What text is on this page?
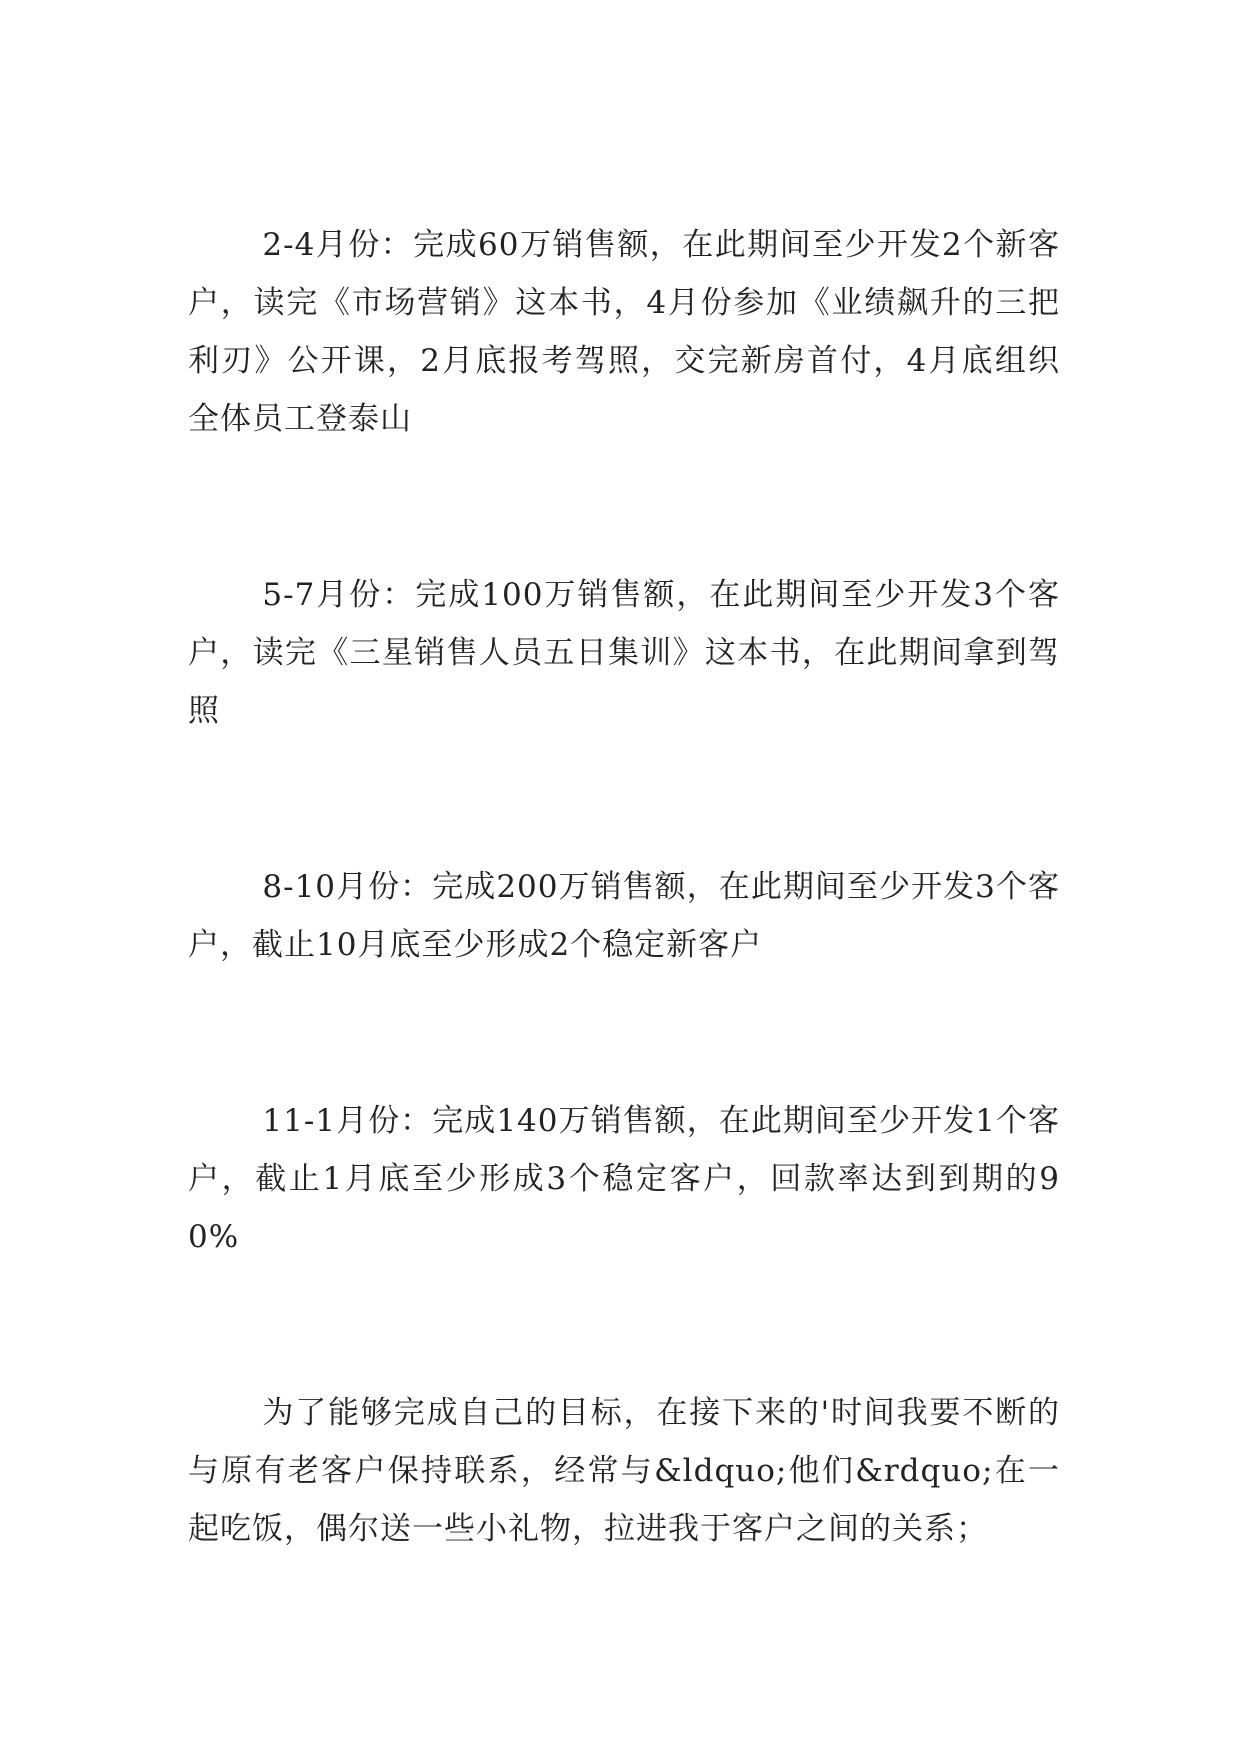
2-4月份：完成60万销售额，在此期间至少开发2个新客户，读完《市场营销》这本书，4月份参加《业绩飙升的三把利刃》公开课，2月底报考驾照，交完新房首付，4月底组织全体员工登泰山

5-7月份：完成100万销售额，在此期间至少开发3个客户，读完《三星销售人员五日集训》这本书，在此期间拿到驾照

8-10月份：完成200万销售额，在此期间至少开发3个客户，截止10月底至少形成2个稳定新客户

11-1月份：完成140万销售额，在此期间至少开发1个客户，截止1月底至少形成3个稳定客户，回款率达到到期的90%

为了能够完成自己的目标，在接下来的'时间我要不断的与原有老客户保持联系，经常与&ldquo;他们&rdquo;在一起吃饭，偶尔送一些小礼物，拉进我于客户之间的关系；
